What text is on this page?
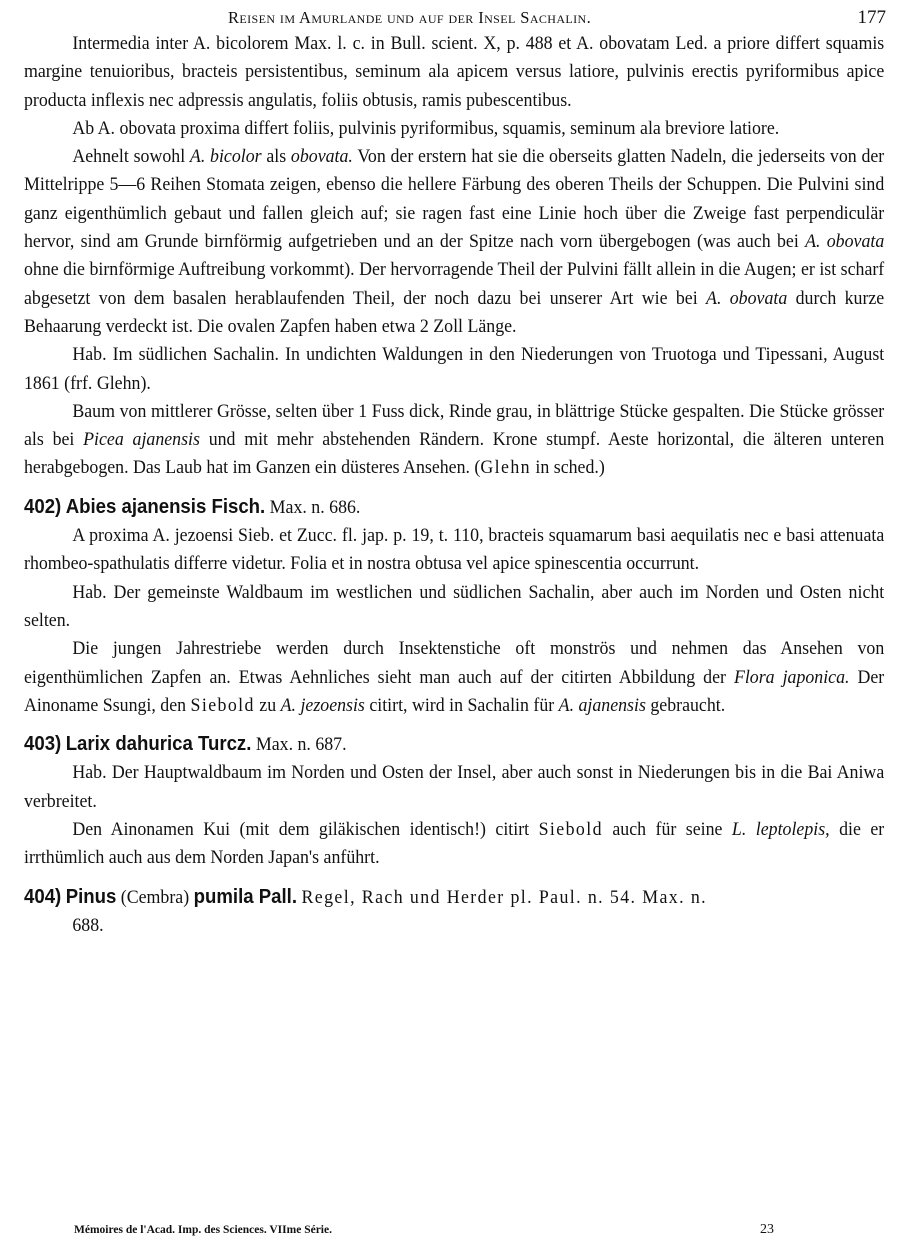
Reisen im Amurlande und auf der Insel Sachalin.	177

Intermedia inter A. bicolorem Max. l. c. in Bull. scient. X, p. 488 et A. obovatam Led. a priore differt squamis margine tenuioribus, bracteis persistentibus, seminum ala apicem versus latiore, pulvinis erectis pyriformibus apice producta inflexis nec adpressis angulatis, foliis obtusis, ramis pubescentibus.

Ab A. obovata proxima differt foliis, pulvinis pyriformibus, squamis, seminum ala breviore latiore.

Aehnelt sowohl A. bicolor als obovata. Von der erstern hat sie die oberseits glatten Nadeln, die jederseits von der Mittelrippe 5—6 Reihen Stomata zeigen, ebenso die hellere Färbung des oberen Theils der Schuppen. Die Pulvini sind ganz eigenthümlich gebaut und fallen gleich auf; sie ragen fast eine Linie hoch über die Zweige fast perpendiculär hervor, sind am Grunde birnförmig aufgetrieben und an der Spitze nach vorn übergebogen (was auch bei A. obovata ohne die birnförmige Auftreibung vorkommt). Der hervorragende Theil der Pulvini fällt allein in die Augen; er ist scharf abgesetzt von dem basalen herablaufenden Theil, der noch dazu bei unserer Art wie bei A. obovata durch kurze Behaarung verdeckt ist. Die ovalen Zapfen haben etwa 2 Zoll Länge.

Hab. Im südlichen Sachalin. In undichten Waldungen in den Niederungen von Truotoga und Tipessani, August 1861 (frf. Glehn).

Baum von mittlerer Grösse, selten über 1 Fuss dick, Rinde grau, in blättrige Stücke gespalten. Die Stücke grösser als bei Picea ajanensis und mit mehr abstehenden Rändern. Krone stumpf. Aeste horizontal, die älteren unteren herabgebogen. Das Laub hat im Ganzen ein düsteres Ansehen. (Glehn in sched.)

402) Abies ajanensis Fisch. Max. n. 686.

A proxima A. jezoensi Sieb. et Zucc. fl. jap. p. 19, t. 110, bracteis squamarum basi aequilatis nec e basi attenuata rhombeo-spathulatis differre videtur. Folia et in nostra obtusa vel apice spinescentia occurrunt.

Hab. Der gemeinste Waldbaum im westlichen und südlichen Sachalin, aber auch im Norden und Osten nicht selten.

Die jungen Jahrestriebe werden durch Insektenstiche oft monströs und nehmen das Ansehen von eigenthümlichen Zapfen an. Etwas Aehnliches sieht man auch auf der citirten Abbildung der Flora japonica. Der Ainoname Ssungi, den Siebold zu A. jezoensis citirt, wird in Sachalin für A. ajanensis gebraucht.

403) Larix dahurica Turcz. Max. n. 687.

Hab. Der Hauptwaldbaum im Norden und Osten der Insel, aber auch sonst in Niederungen bis in die Bai Aniwa verbreitet.

Den Ainonamen Kui (mit dem giläkischen identisch!) citirt Siebold auch für seine L. leptolepis, die er irrthümlich auch aus dem Norden Japan's anführt.

404) Pinus (Cembra) pumila Pall. Regel, Rach und Herder pl. Paul. n. 54. Max. n.

688.

Mémoires de l'Acad. Imp. des Sciences. VIIme Série.	23
